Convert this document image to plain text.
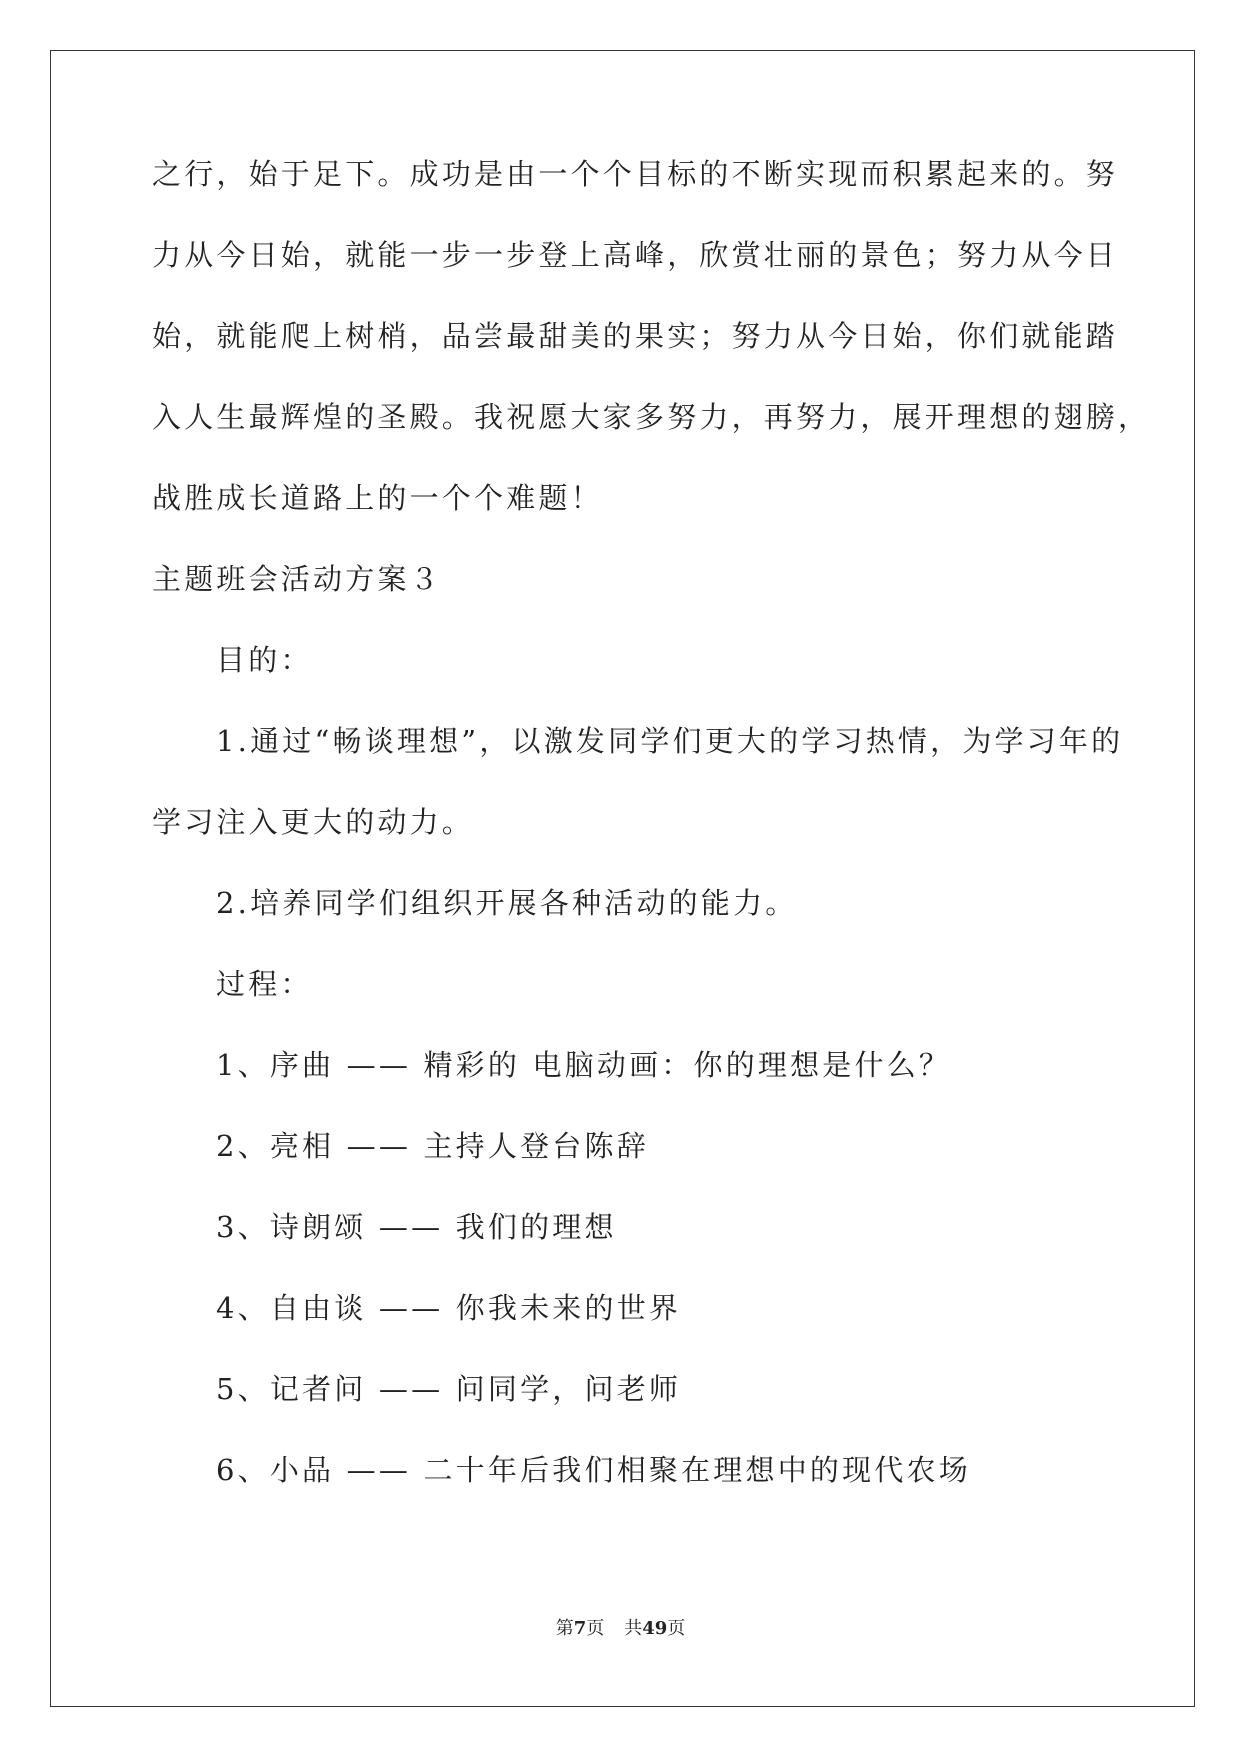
之行，始于足下。成功是由一个个目标的不断实现而积累起来的。努

力从今日始，就能一步一步登上高峰，欣赏壮丽的景色；努力从今日

始，就能爬上树梢，品尝最甜美的果实；努力从今日始，你们就能踏

入人生最辉煌的圣殿。我祝愿大家多努力，再努力，展开理想的翅膀，

战胜成长道路上的一个个难题！

主题班会活动方案３

目的：

1.通过“畅谈理想”，以激发同学们更大的学习热情，为学习年的

学习注入更大的动力。

2.培养同学们组织开展各种活动的能力。

过程：

1、序曲 —— 精彩的 电脑动画：你的理想是什么？

2、亮相 —— 主持人登台陈辞

3、诗朗颂 —— 我们的理想

4、自由谈 —— 你我未来的世界

5、记者问 —— 问同学，问老师

6、小品 —— 二十年后我们相聚在理想中的现代农场

第7页 共49页
